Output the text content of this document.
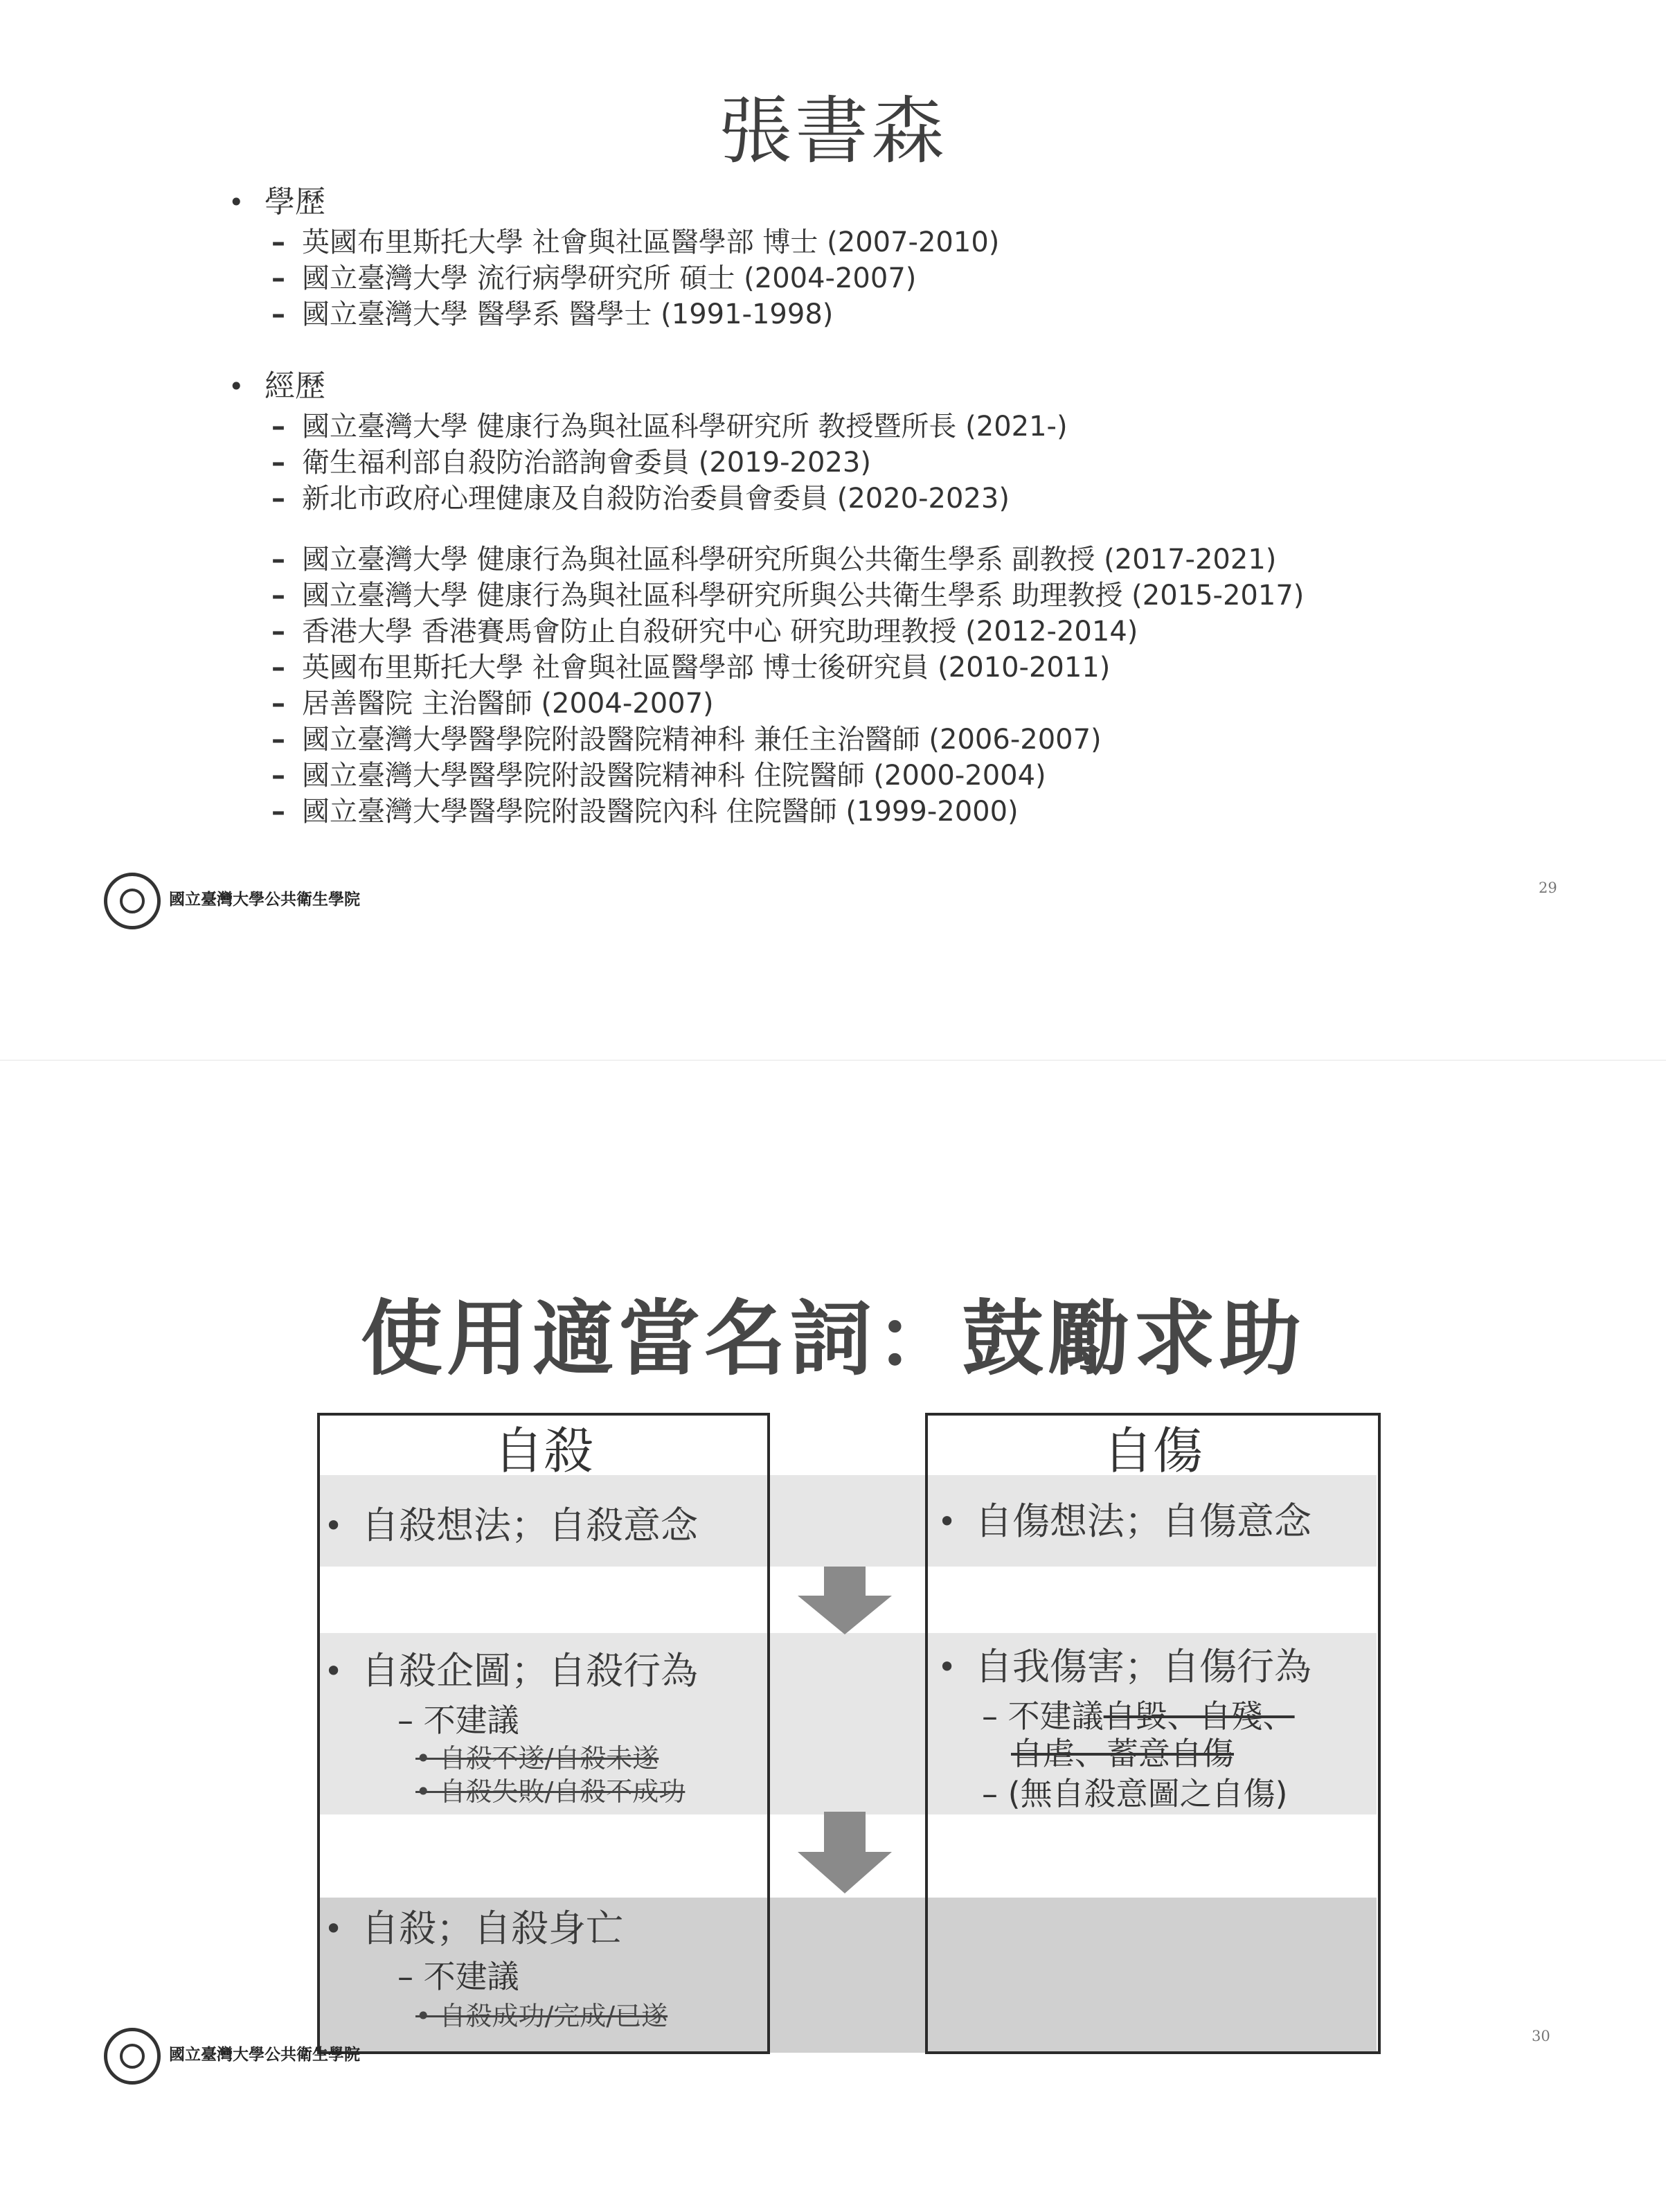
張書森
• 學歷
– 英國布里斯托大學 社會與社區醫學部 博士 (2007-2010)
– 國立臺灣大學 流行病學研究所 碩士 (2004-2007)
– 國立臺灣大學 醫學系 醫學士 (1991-1998)
• 經歷
– 國立臺灣大學 健康行為與社區科學研究所 教授暨所長 (2021-)
– 衛生福利部自殺防治諮詢會委員 (2019-2023)
– 新北市政府心理健康及自殺防治委員會委員 (2020-2023)
– 國立臺灣大學 健康行為與社區科學研究所與公共衛生學系 副教授 (2017-2021)
– 國立臺灣大學 健康行為與社區科學研究所與公共衛生學系 助理教授 (2015-2017)
– 香港大學 香港賽馬會防止自殺研究中心 研究助理教授 (2012-2014)
– 英國布里斯托大學 社會與社區醫學部 博士後研究員 (2010-2011)
– 居善醫院 主治醫師 (2004-2007)
– 國立臺灣大學醫學院附設醫院精神科 兼任主治醫師 (2006-2007)
– 國立臺灣大學醫學院附設醫院精神科 住院醫師 (2000-2004)
– 國立臺灣大學醫學院附設醫院內科 住院醫師 (1999-2000)
國立臺灣大學公共衛生學院
29
使用適當名詞：鼓勵求助
自殺	自傷
• 自殺想法；自殺意念
• 自殺企圖；自殺行為
– 不建議
• 自殺不遂/自殺未遂
• 自殺失敗/自殺不成功
• 自殺；自殺身亡
– 不建議
• 自殺成功/完成/已遂
• 自傷想法；自傷意念
• 自我傷害；自傷行為
– 不建議自毀、自殘、
自虐、蓄意自傷
– (無自殺意圖之自傷)
國立臺灣大學公共衛生學院
30
